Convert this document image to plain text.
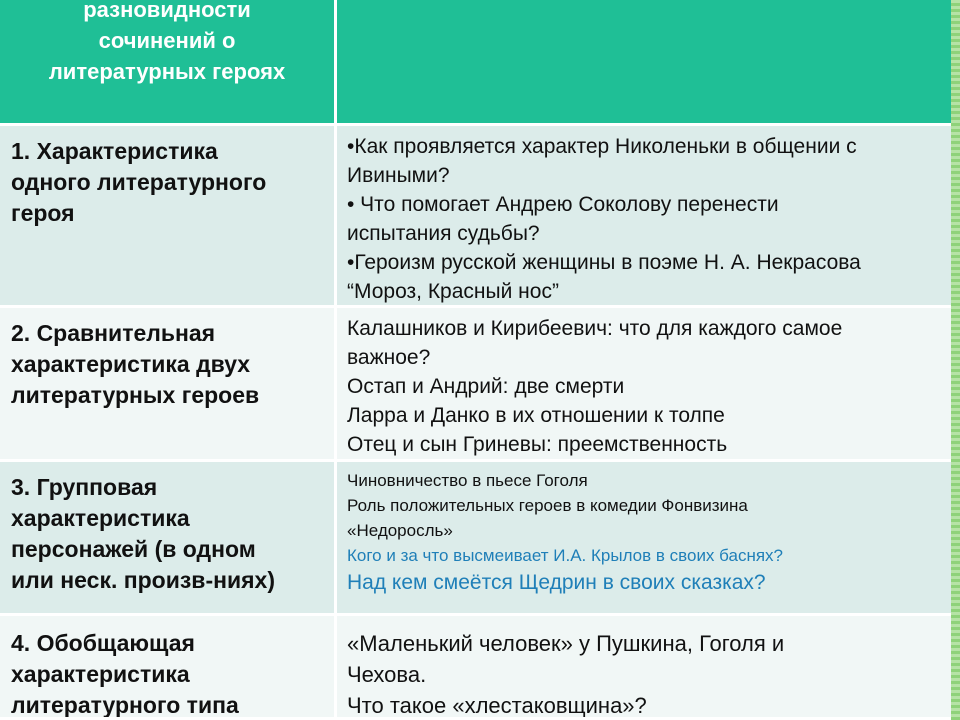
разновидности
сочинений о
литературных героях
1. Характеристика
одного литературного
героя
•Как проявляется характер Николеньки в общении с
Ивиными?
• Что помогает Андрею Соколову перенести
испытания судьбы?
•Героизм русской женщины в поэме Н. А. Некрасова
“Мороз, Красный нос”
2. Сравнительная
характеристика двух
литературных героев
Калашников и Кирибеевич: что для каждого самое
важное?
Остап и Андрий: две смерти
Ларра и Данко в их отношении к толпе
Отец и сын Гриневы: преемственность
3. Групповая
характеристика
персонажей (в одном
или неск. произв-ниях)
Чиновничество в пьесе Гоголя
Роль положительных героев в комедии Фонвизина
«Недоросль»
Кого и за что высмеивает И.А. Крылов в своих баснях?
Над кем смеётся Щедрин в своих сказках?
4. Обобщающая
характеристика
литературного типа
«Маленький человек» у Пушкина, Гоголя и
Чехова.
Что такое «хлестаковщина»?
